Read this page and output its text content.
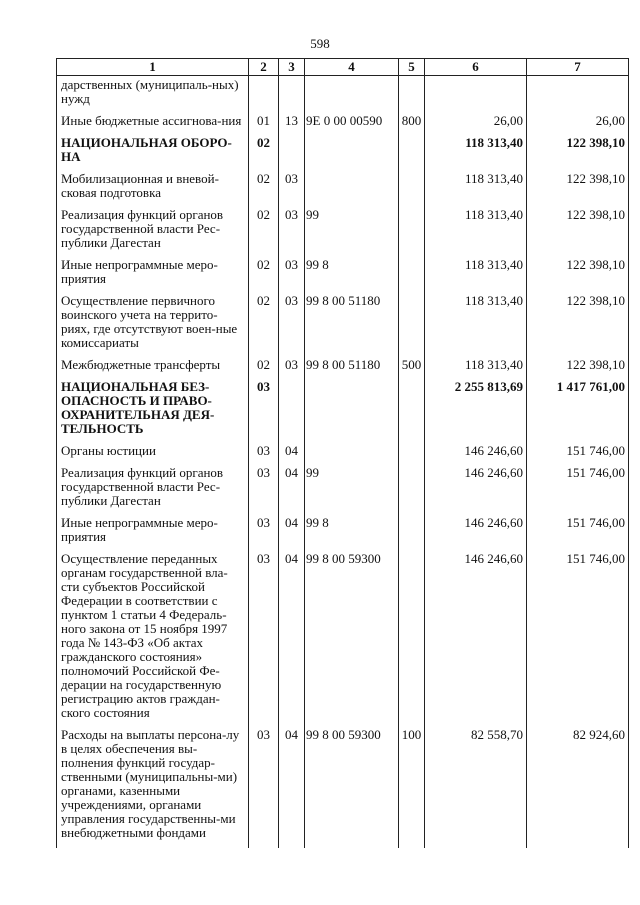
598
1	2	3	4	5	6	7
дарственных (муниципаль-ных) нужд						
Иные бюджетные ассигнова-ния	01	13	9Е 0 00 00590	800	26,00	26,00
НАЦИОНАЛЬНАЯ ОБОРО-НА	02				118 313,40	122 398,10
Мобилизационная и вневой-сковая подготовка	02	03			118 313,40	122 398,10
Реализация функций органов государственной власти Рес-публики Дагестан	02	03	99		118 313,40	122 398,10
Иные непрограммные меро-приятия	02	03	99 8		118 313,40	122 398,10
Осуществление первичного воинского учета на террито-риях, где отсутствуют воен-ные комиссариаты	02	03	99 8 00 51180		118 313,40	122 398,10
Межбюджетные трансферты	02	03	99 8 00 51180	500	118 313,40	122 398,10
НАЦИОНАЛЬНАЯ БЕЗ-ОПАСНОСТЬ И ПРАВО-ОХРАНИТЕЛЬНАЯ ДЕЯ-ТЕЛЬНОСТЬ	03				2 255 813,69	1 417 761,00
Органы юстиции	03	04			146 246,60	151 746,00
Реализация функций органов государственной власти Рес-публики Дагестан	03	04	99		146 246,60	151 746,00
Иные непрограммные меро-приятия	03	04	99 8		146 246,60	151 746,00
Осуществление переданных органам государственной вла-сти субъектов Российской Федерации в соответствии с пунктом 1 статьи 4 Федераль-ного закона от 15 ноября 1997 года № 143-ФЗ «Об актах гражданского состояния» полномочий Российской Фе-дерации на государственную регистрацию актов граждан-ского состояния	03	04	99 8 00 59300		146 246,60	151 746,00
Расходы на выплаты персона-лу в целях обеспечения вы-полнения функций государ-ственными (муниципальны-ми) органами, казенными учреждениями, органами управления государственны-ми внебюджетными фондами	03	04	99 8 00 59300	100	82 558,70	82 924,60
